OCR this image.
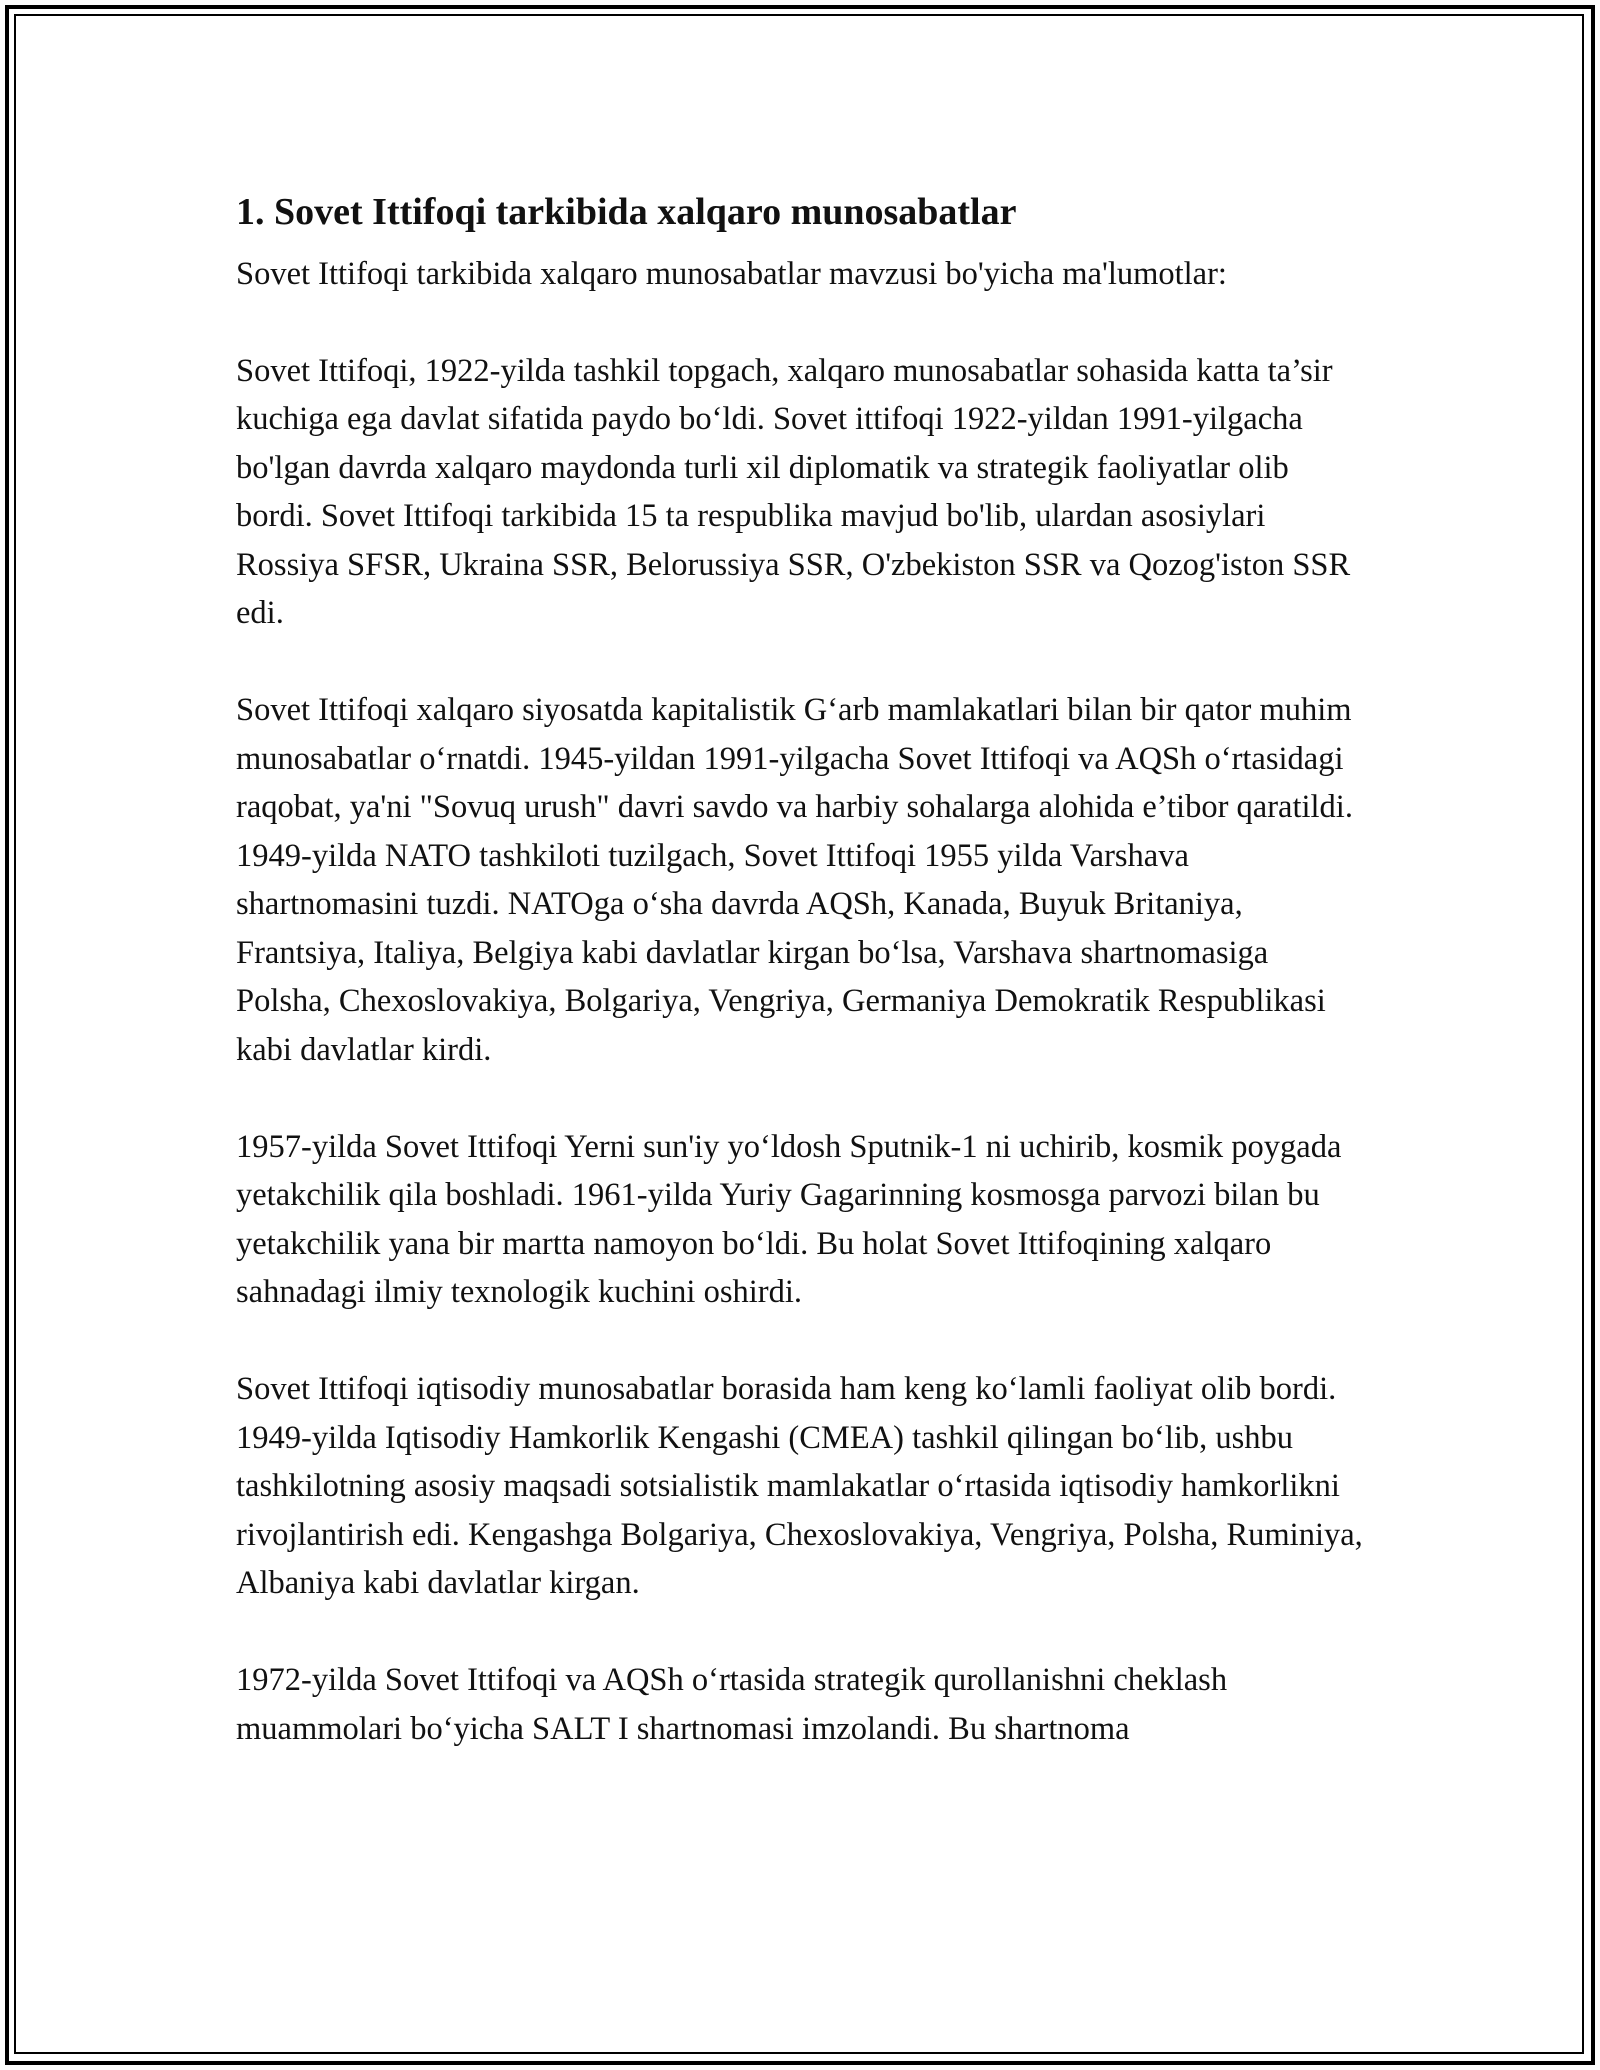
1. Sovet Ittifoqi tarkibida xalqaro munosabatlar

Sovet Ittifoqi tarkibida xalqaro munosabatlar mavzusi bo'yicha ma'lumotlar:

Sovet Ittifoqi, 1922-yilda tashkil topgach, xalqaro munosabatlar sohasida katta ta’sir kuchiga ega davlat sifatida paydo bo‘ldi. Sovet ittifoqi 1922-yildan 1991-yilgacha bo'lgan davrda xalqaro maydonda turli xil diplomatik va strategik faoliyatlar olib bordi. Sovet Ittifoqi tarkibida 15 ta respublika mavjud bo'lib, ulardan asosiylari Rossiya SFSR, Ukraina SSR, Belorussiya SSR, O'zbekiston SSR va Qozog'iston SSR edi.

Sovet Ittifoqi xalqaro siyosatda kapitalistik G‘arb mamlakatlari bilan bir qator muhim munosabatlar o‘rnatdi. 1945-yildan 1991-yilgacha Sovet Ittifoqi va AQSh o‘rtasidagi raqobat, ya'ni "Sovuq urush" davri savdo va harbiy sohalarga alohida e’tibor qaratildi. 1949-yilda NATO tashkiloti tuzilgach, Sovet Ittifoqi 1955 yilda Varshava shartnomasini tuzdi. NATOga o‘sha davrda AQSh, Kanada, Buyuk Britaniya, Frantsiya, Italiya, Belgiya kabi davlatlar kirgan bo‘lsa, Varshava shartnomasiga Polsha, Chexoslovakiya, Bolgariya, Vengriya, Germaniya Demokratik Respublikasi kabi davlatlar kirdi.

1957-yilda Sovet Ittifoqi Yerni sun'iy yo‘ldosh Sputnik-1 ni uchirib, kosmik poygada yetakchilik qila boshladi. 1961-yilda Yuriy Gagarinning kosmosga parvozi bilan bu yetakchilik yana bir martta namoyon bo‘ldi. Bu holat Sovet Ittifoqining xalqaro sahnadagi ilmiy texnologik kuchini oshirdi.

Sovet Ittifoqi iqtisodiy munosabatlar borasida ham keng ko‘lamli faoliyat olib bordi. 1949-yilda Iqtisodiy Hamkorlik Kengashi (CMEA) tashkil qilingan bo‘lib, ushbu tashkilotning asosiy maqsadi sotsialistik mamlakatlar o‘rtasida iqtisodiy hamkorlikni rivojlantirish edi. Kengashga Bolgariya, Chexoslovakiya, Vengriya, Polsha, Ruminiya, Albaniya kabi davlatlar kirgan.

1972-yilda Sovet Ittifoqi va AQSh o‘rtasida strategik qurollanishni cheklash muammolari bo‘yicha SALT I shartnomasi imzolandi. Bu shartnoma
